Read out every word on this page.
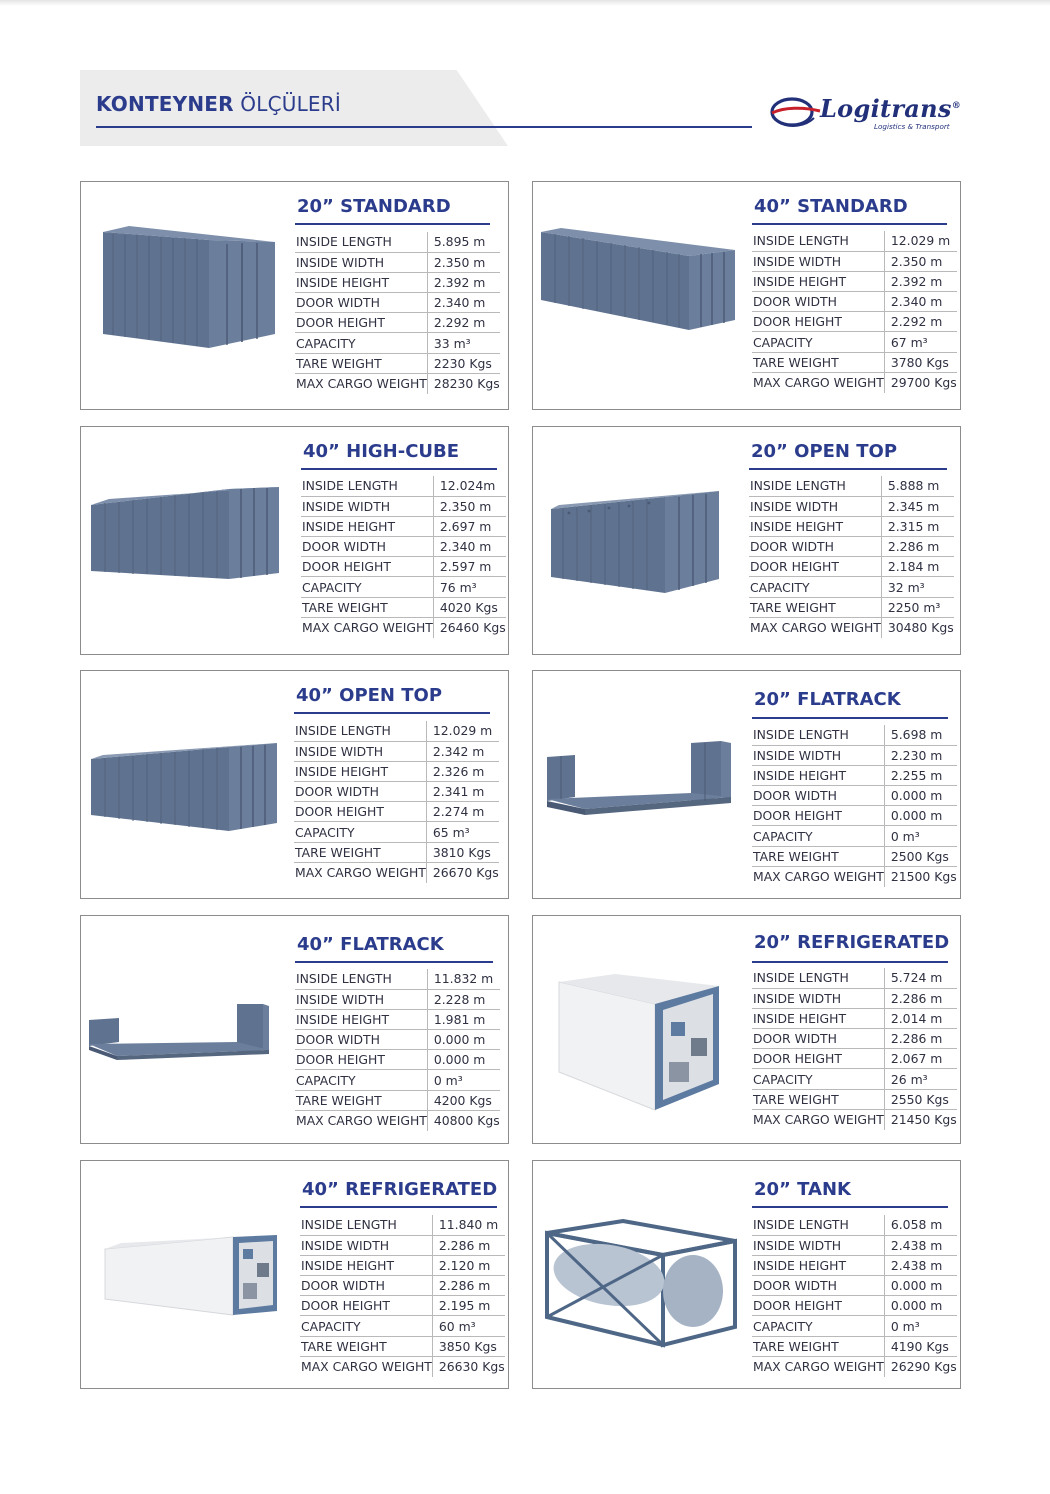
KONTEYNER ÖLÇÜLERİ	Logitrans®
Logistics & Transport
20” STANDARD
INSIDE LENGTH	5.895 m
INSIDE WIDTH	2.350 m
INSIDE HEIGHT	2.392 m
DOOR WIDTH	2.340 m
DOOR HEIGHT	2.292 m
CAPACITY	33 m³
TARE WEIGHT	2230 Kgs
MAX CARGO WEIGHT	28230 Kgs
40” STANDARD
INSIDE LENGTH	12.029 m
INSIDE WIDTH	2.350 m
INSIDE HEIGHT	2.392 m
DOOR WIDTH	2.340 m
DOOR HEIGHT	2.292 m
CAPACITY	67 m³
TARE WEIGHT	3780 Kgs
MAX CARGO WEIGHT	29700 Kgs
40” HIGH-CUBE
INSIDE LENGTH	12.024m
INSIDE WIDTH	2.350 m
INSIDE HEIGHT	2.697 m
DOOR WIDTH	2.340 m
DOOR HEIGHT	2.597 m
CAPACITY	76 m³
TARE WEIGHT	4020 Kgs
MAX CARGO WEIGHT	26460 Kgs
20” OPEN TOP
INSIDE LENGTH	5.888 m
INSIDE WIDTH	2.345 m
INSIDE HEIGHT	2.315 m
DOOR WIDTH	2.286 m
DOOR HEIGHT	2.184 m
CAPACITY	32 m³
TARE WEIGHT	2250 m³
MAX CARGO WEIGHT	30480 Kgs
40” OPEN TOP
INSIDE LENGTH	12.029 m
INSIDE WIDTH	2.342 m
INSIDE HEIGHT	2.326 m
DOOR WIDTH	2.341 m
DOOR HEIGHT	2.274 m
CAPACITY	65 m³
TARE WEIGHT	3810 Kgs
MAX CARGO WEIGHT	26670 Kgs
20” FLATRACK
INSIDE LENGTH	5.698 m
INSIDE WIDTH	2.230 m
INSIDE HEIGHT	2.255 m
DOOR WIDTH	0.000 m
DOOR HEIGHT	0.000 m
CAPACITY	0 m³
TARE WEIGHT	2500 Kgs
MAX CARGO WEIGHT	21500 Kgs
40” FLATRACK
INSIDE LENGTH	11.832 m
INSIDE WIDTH	2.228 m
INSIDE HEIGHT	1.981 m
DOOR WIDTH	0.000 m
DOOR HEIGHT	0.000 m
CAPACITY	0 m³
TARE WEIGHT	4200 Kgs
MAX CARGO WEIGHT	40800 Kgs
20” REFRIGERATED
INSIDE LENGTH	5.724 m
INSIDE WIDTH	2.286 m
INSIDE HEIGHT	2.014 m
DOOR WIDTH	2.286 m
DOOR HEIGHT	2.067 m
CAPACITY	26 m³
TARE WEIGHT	2550 Kgs
MAX CARGO WEIGHT	21450 Kgs
40” REFRIGERATED
INSIDE LENGTH	11.840 m
INSIDE WIDTH	2.286 m
INSIDE HEIGHT	2.120 m
DOOR WIDTH	2.286 m
DOOR HEIGHT	2.195 m
CAPACITY	60 m³
TARE WEIGHT	3850 Kgs
MAX CARGO WEIGHT	26630 Kgs
20” TANK
INSIDE LENGTH	6.058 m
INSIDE WIDTH	2.438 m
INSIDE HEIGHT	2.438 m
DOOR WIDTH	0.000 m
DOOR HEIGHT	0.000 m
CAPACITY	0 m³
TARE WEIGHT	4190 Kgs
MAX CARGO WEIGHT	26290 Kgs
